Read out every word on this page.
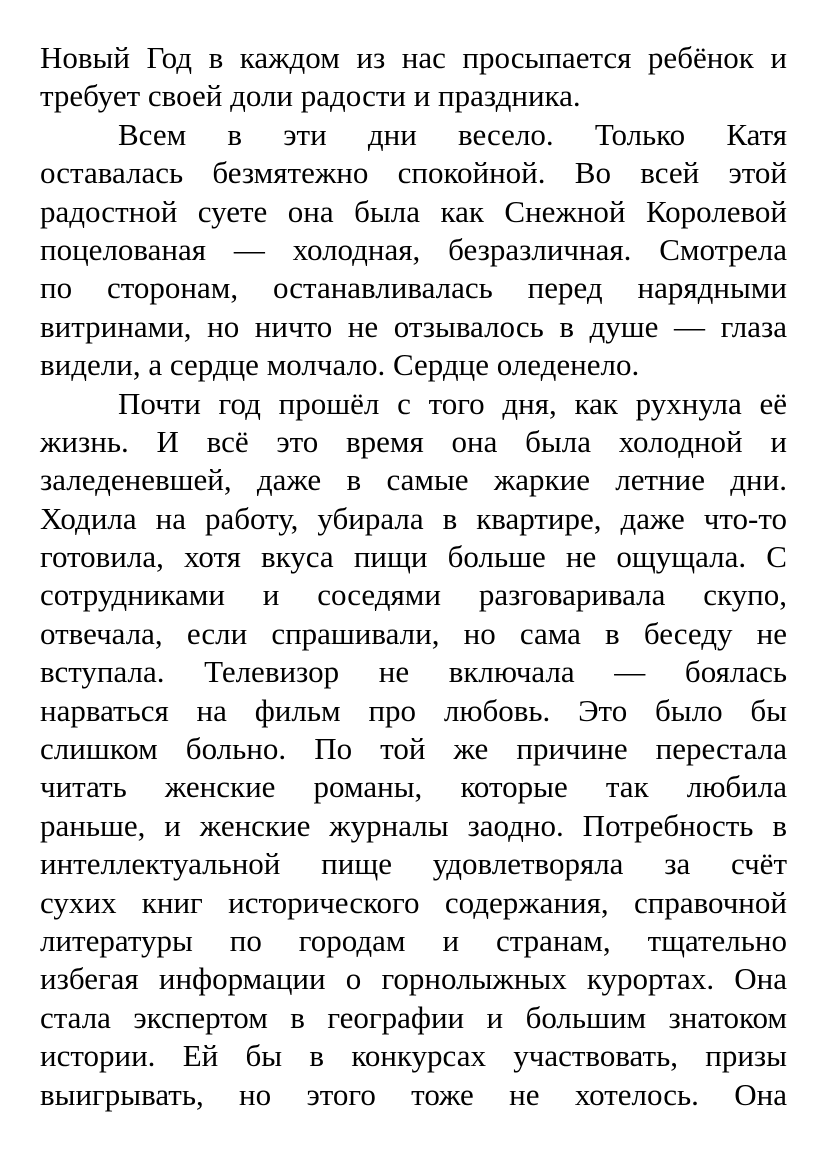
Новый Год в каждом из нас просыпается ребёнок и
требует своей доли радости и праздника.
Всем в эти дни весело. Только Катя
оставалась безмятежно спокойной. Во всей этой
радостной суете она была как Снежной Королевой
поцелованая — холодная, безразличная. Смотрела
по сторонам, останавливалась перед нарядными
витринами, но ничто не отзывалось в душе — глаза
видели, а сердце молчало. Сердце оледенело.
Почти год прошёл с того дня, как рухнула её
жизнь. И всё это время она была холодной и
заледеневшей, даже в самые жаркие летние дни.
Ходила на работу, убирала в квартире, даже что-то
готовила, хотя вкуса пищи больше не ощущала. С
сотрудниками и соседями разговаривала скупо,
отвечала, если спрашивали, но сама в беседу не
вступала. Телевизор не включала — боялась
нарваться на фильм про любовь. Это было бы
слишком больно. По той же причине перестала
читать женские романы, которые так любила
раньше, и женские журналы заодно. Потребность в
интеллектуальной пище удовлетворяла за счёт
сухих книг исторического содержания, справочной
литературы по городам и странам, тщательно
избегая информации о горнолыжных курортах. Она
стала экспертом в географии и большим знатоком
истории. Ей бы в конкурсах участвовать, призы
выигрывать, но этого тоже не хотелось. Она
